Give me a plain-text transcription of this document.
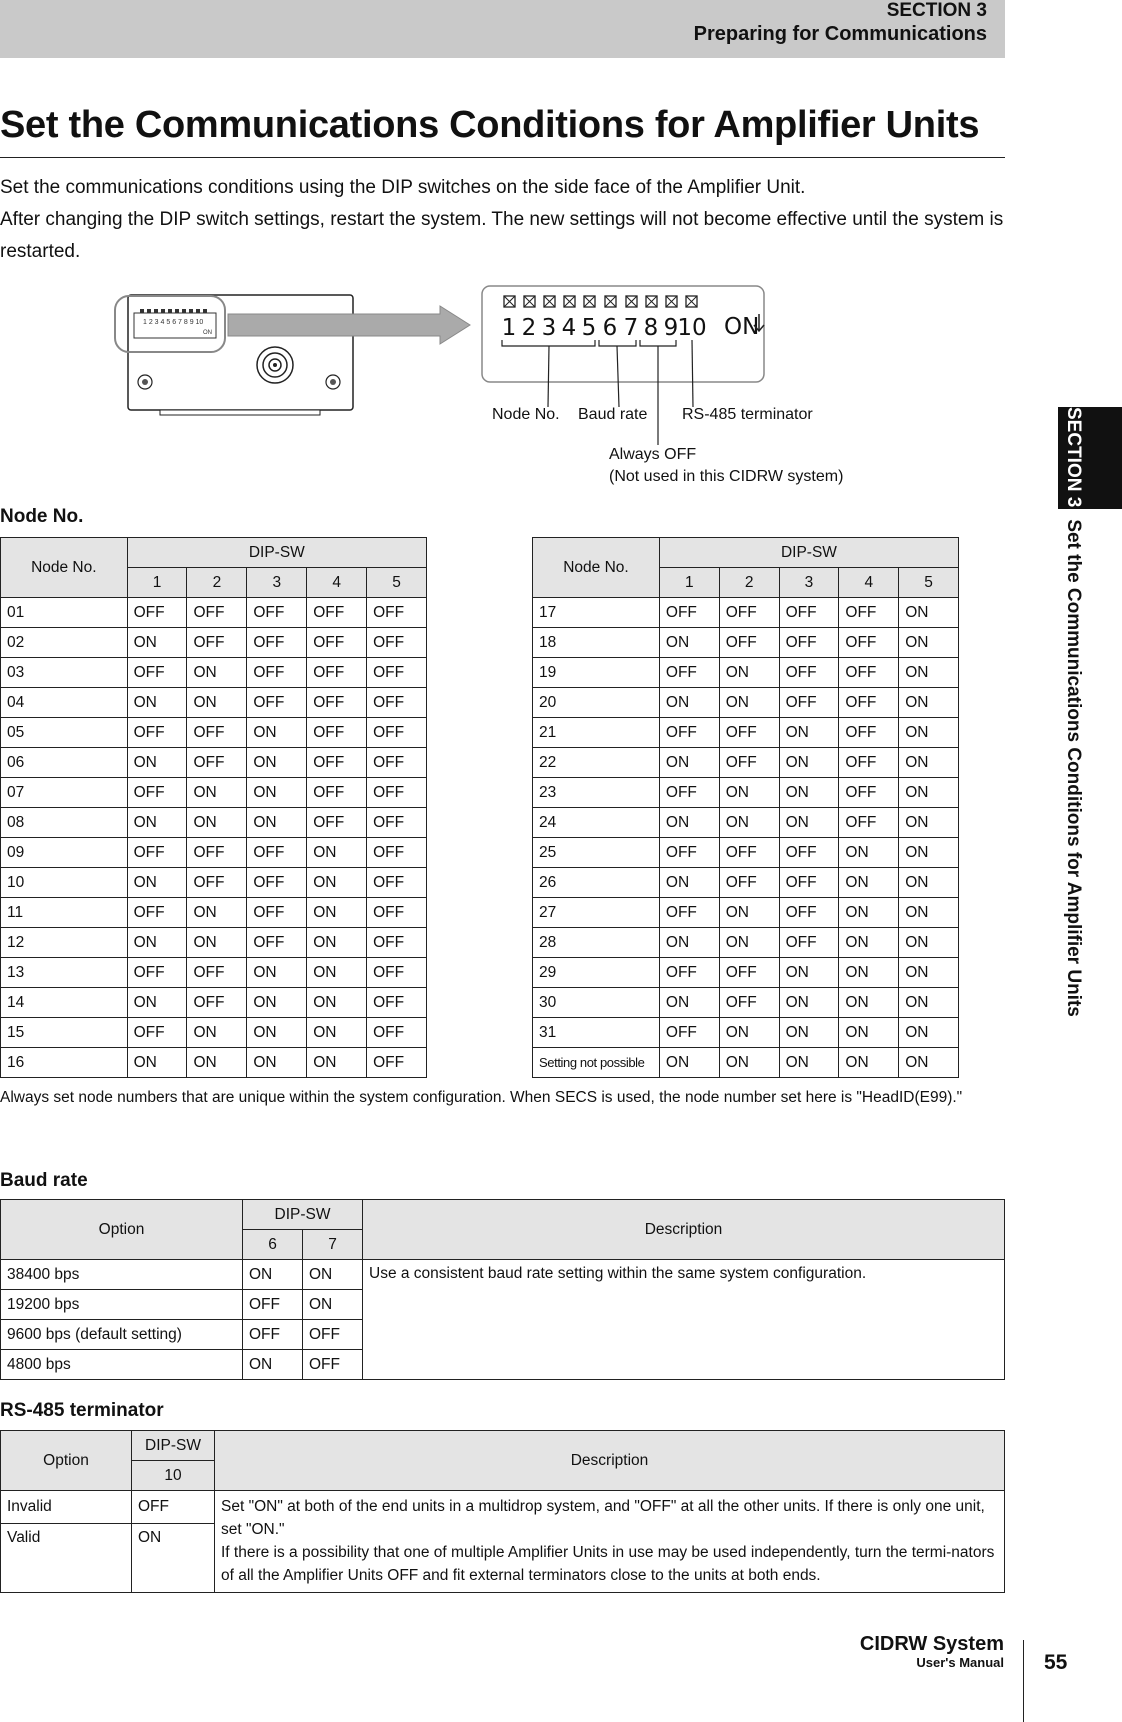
SECTION 3
Preparing for Communications
SECTION 3Set the Communications Conditions for Amplifier Units
Set the Communications Conditions for Amplifier Units

Set the communications conditions using the DIP switches on the side face of the Amplifier Unit.

After changing the DIP switch settings, restart the system. The new settings will not become effective until the system is restarted.

1 2 3 4 5 6 7 8 9 10
ON	1 2 3 4 5 6 7 8 9 10 ON
Node No. Baud rate RS-485 terminator
Always OFF
(Not used in this CIDRW system)
Node No.
Node No.	DIP-SW				
	1	2	3	4	5
01	OFF	OFF	OFF	OFF	OFF
02	ON	OFF	OFF	OFF	OFF
03	OFF	ON	OFF	OFF	OFF
04	ON	ON	OFF	OFF	OFF
05	OFF	OFF	ON	OFF	OFF
06	ON	OFF	ON	OFF	OFF
07	OFF	ON	ON	OFF	OFF
08	ON	ON	ON	OFF	OFF
09	OFF	OFF	OFF	ON	OFF
10	ON	OFF	OFF	ON	OFF
11	OFF	ON	OFF	ON	OFF
12	ON	ON	OFF	ON	OFF
13	OFF	OFF	ON	ON	OFF
14	ON	OFF	ON	ON	OFF
15	OFF	ON	ON	ON	OFF
16	ON	ON	ON	ON	OFF
Node No.	DIP-SW				
	1	2	3	4	5
17	OFF	OFF	OFF	OFF	ON
18	ON	OFF	OFF	OFF	ON
19	OFF	ON	OFF	OFF	ON
20	ON	ON	OFF	OFF	ON
21	OFF	OFF	ON	OFF	ON
22	ON	OFF	ON	OFF	ON
23	OFF	ON	ON	OFF	ON
24	ON	ON	ON	OFF	ON
25	OFF	OFF	OFF	ON	ON
26	ON	OFF	OFF	ON	ON
27	OFF	ON	OFF	ON	ON
28	ON	ON	OFF	ON	ON
29	OFF	OFF	ON	ON	ON
30	ON	OFF	ON	ON	ON
31	OFF	ON	ON	ON	ON
Setting not possible	ON	ON	ON	ON	ON
Always set node numbers that are unique within the system configuration. When SECS is used, the node number set here is "HeadID(E99)."
Baud rate
Option	DIP-SW		Description
	6	7	
38400 bps	ON	ON	Use a consistent baud rate setting within the same system configuration.
19200 bps	OFF	ON	
9600 bps (default setting)	OFF	OFF	
4800 bps	ON	OFF	
RS-485 terminator
Option	DIP-SW	Description
	10	
Invalid	OFF	Set "ON" at both of the end units in a multidrop system, and "OFF" at all the other units. If there is only one unit, set "ON."
If there is a possibility that one of multiple Amplifier Units in use may be used independently, turn the termi-nators of all the Amplifier Units OFF and fit external terminators close to the units at both ends.

Valid	ON	
CIDRW System
User's Manual 55
